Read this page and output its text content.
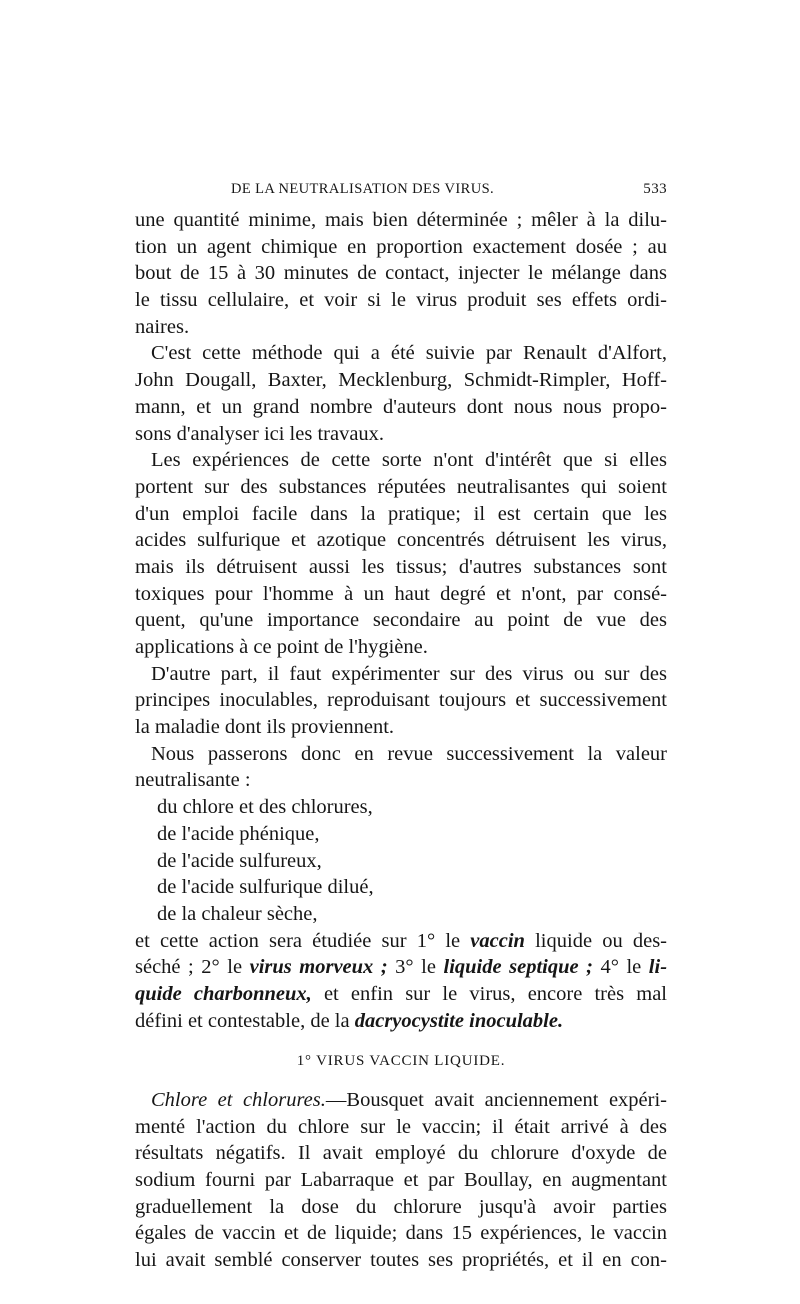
DE LA NEUTRALISATION DES VIRUS.	533
une quantité minime, mais bien déterminée ; mêler à la dilu-
tion un agent chimique en proportion exactement dosée ; au
bout de 15 à 30 minutes de contact, injecter le mélange dans
le tissu cellulaire, et voir si le virus produit ses effets ordi-
naires.
C'est cette méthode qui a été suivie par Renault d'Alfort,
John Dougall, Baxter, Mecklenburg, Schmidt-Rimpler, Hoff-
mann, et un grand nombre d'auteurs dont nous nous propo-
sons d'analyser ici les travaux.
Les expériences de cette sorte n'ont d'intérêt que si elles
portent sur des substances réputées neutralisantes qui soient
d'un emploi facile dans la pratique; il est certain que les
acides sulfurique et azotique concentrés détruisent les virus,
mais ils détruisent aussi les tissus; d'autres substances sont
toxiques pour l'homme à un haut degré et n'ont, par consé-
quent, qu'une importance secondaire au point de vue des
applications à ce point de l'hygiène.
D'autre part, il faut expérimenter sur des virus ou sur des
principes inoculables, reproduisant toujours et successivement
la maladie dont ils proviennent.
Nous passerons donc en revue successivement la valeur
neutralisante :
du chlore et des chlorures,
de l'acide phénique,
de l'acide sulfureux,
de l'acide sulfurique dilué,
de la chaleur sèche,
et cette action sera étudiée sur 1° le vaccin liquide ou des-
séché ; 2° le virus morveux ; 3° le liquide septique ; 4° le li-
quide charbonneux, et enfin sur le virus, encore très mal
défini et contestable, de la dacryocystite inoculable.
1° VIRUS VACCIN LIQUIDE.
Chlore et chlorures.—Bousquet avait anciennement expéri-
menté l'action du chlore sur le vaccin; il était arrivé à des
résultats négatifs. Il avait employé du chlorure d'oxyde de
sodium fourni par Labarraque et par Boullay, en augmentant
graduellement la dose du chlorure jusqu'à avoir parties
égales de vaccin et de liquide; dans 15 expériences, le vaccin
lui avait semblé conserver toutes ses propriétés, et il en con-
